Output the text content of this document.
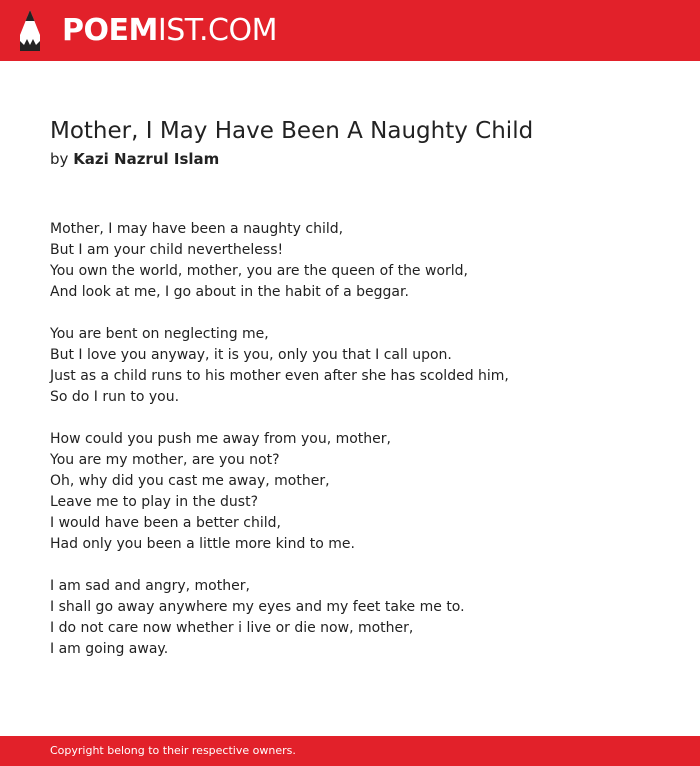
POEMIST.COM
Mother, I May Have Been A Naughty Child
by Kazi Nazrul Islam
Mother, I may have been a naughty child,
But I am your child nevertheless!
You own the world, mother, you are the queen of the world,
And look at me, I go about in the habit of a beggar.
You are bent on neglecting me,
But I love you anyway, it is you, only you that I call upon.
Just as a child runs to his mother even after she has scolded him,
So do I run to you.
How could you push me away from you, mother,
You are my mother, are you not?
Oh, why did you cast me away, mother,
Leave me to play in the dust?
I would have been a better child,
Had only you been a little more kind to me.
I am sad and angry, mother,
I shall go away anywhere my eyes and my feet take me to.
I do not care now whether i live or die now, mother,
I am going away.
Copyright belong to their respective owners.
